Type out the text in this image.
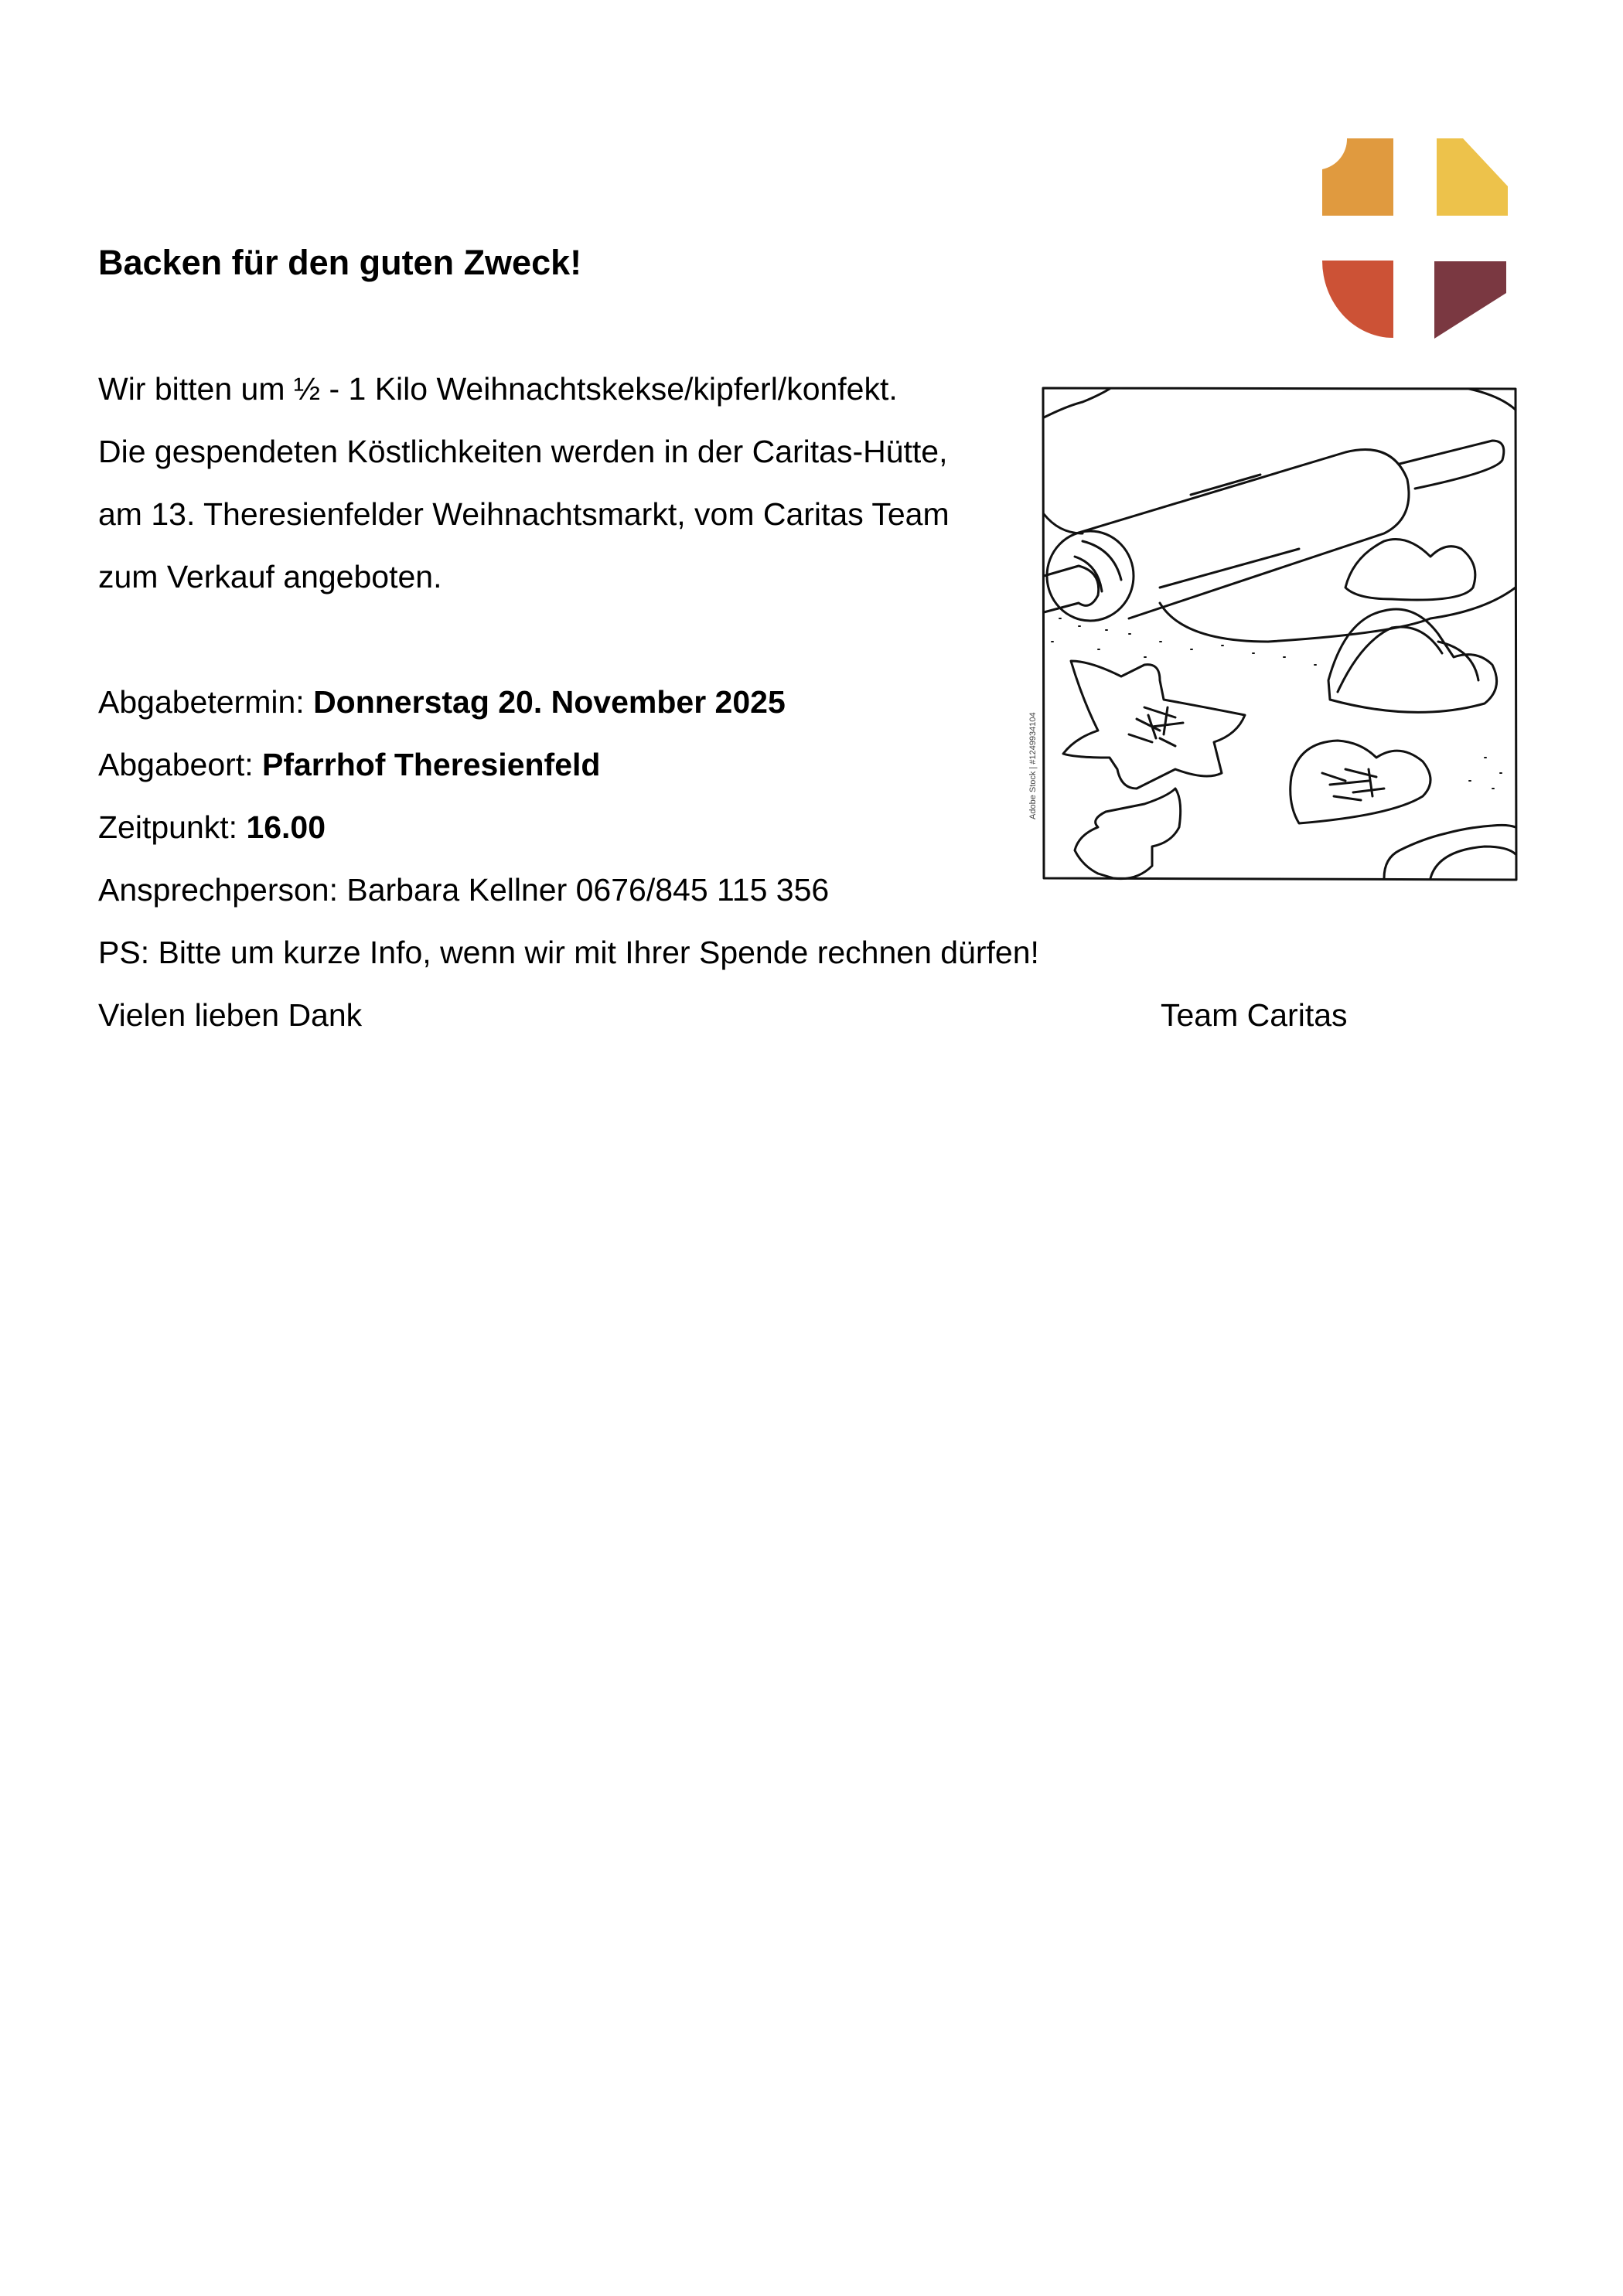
Backen für den guten Zweck!

Wir bitten um ½ - 1 Kilo Weihnachtskekse/kipferl/konfekt.

Die gespendeten Köstlichkeiten werden in der Caritas-Hütte,

am 13. Theresienfelder Weihnachtsmarkt, vom Caritas Team

zum Verkauf angeboten.

Abgabetermin: Donnerstag 20. November 2025

Abgabeort: Pfarrhof Theresienfeld

Zeitpunkt: 16.00

Ansprechperson: Barbara Kellner 0676/845 115 356

PS: Bitte um kurze Info, wenn wir mit Ihrer Spende rechnen dürfen!

Vielen lieben Dank	Team Caritas
Adobe Stock | #1249934104
